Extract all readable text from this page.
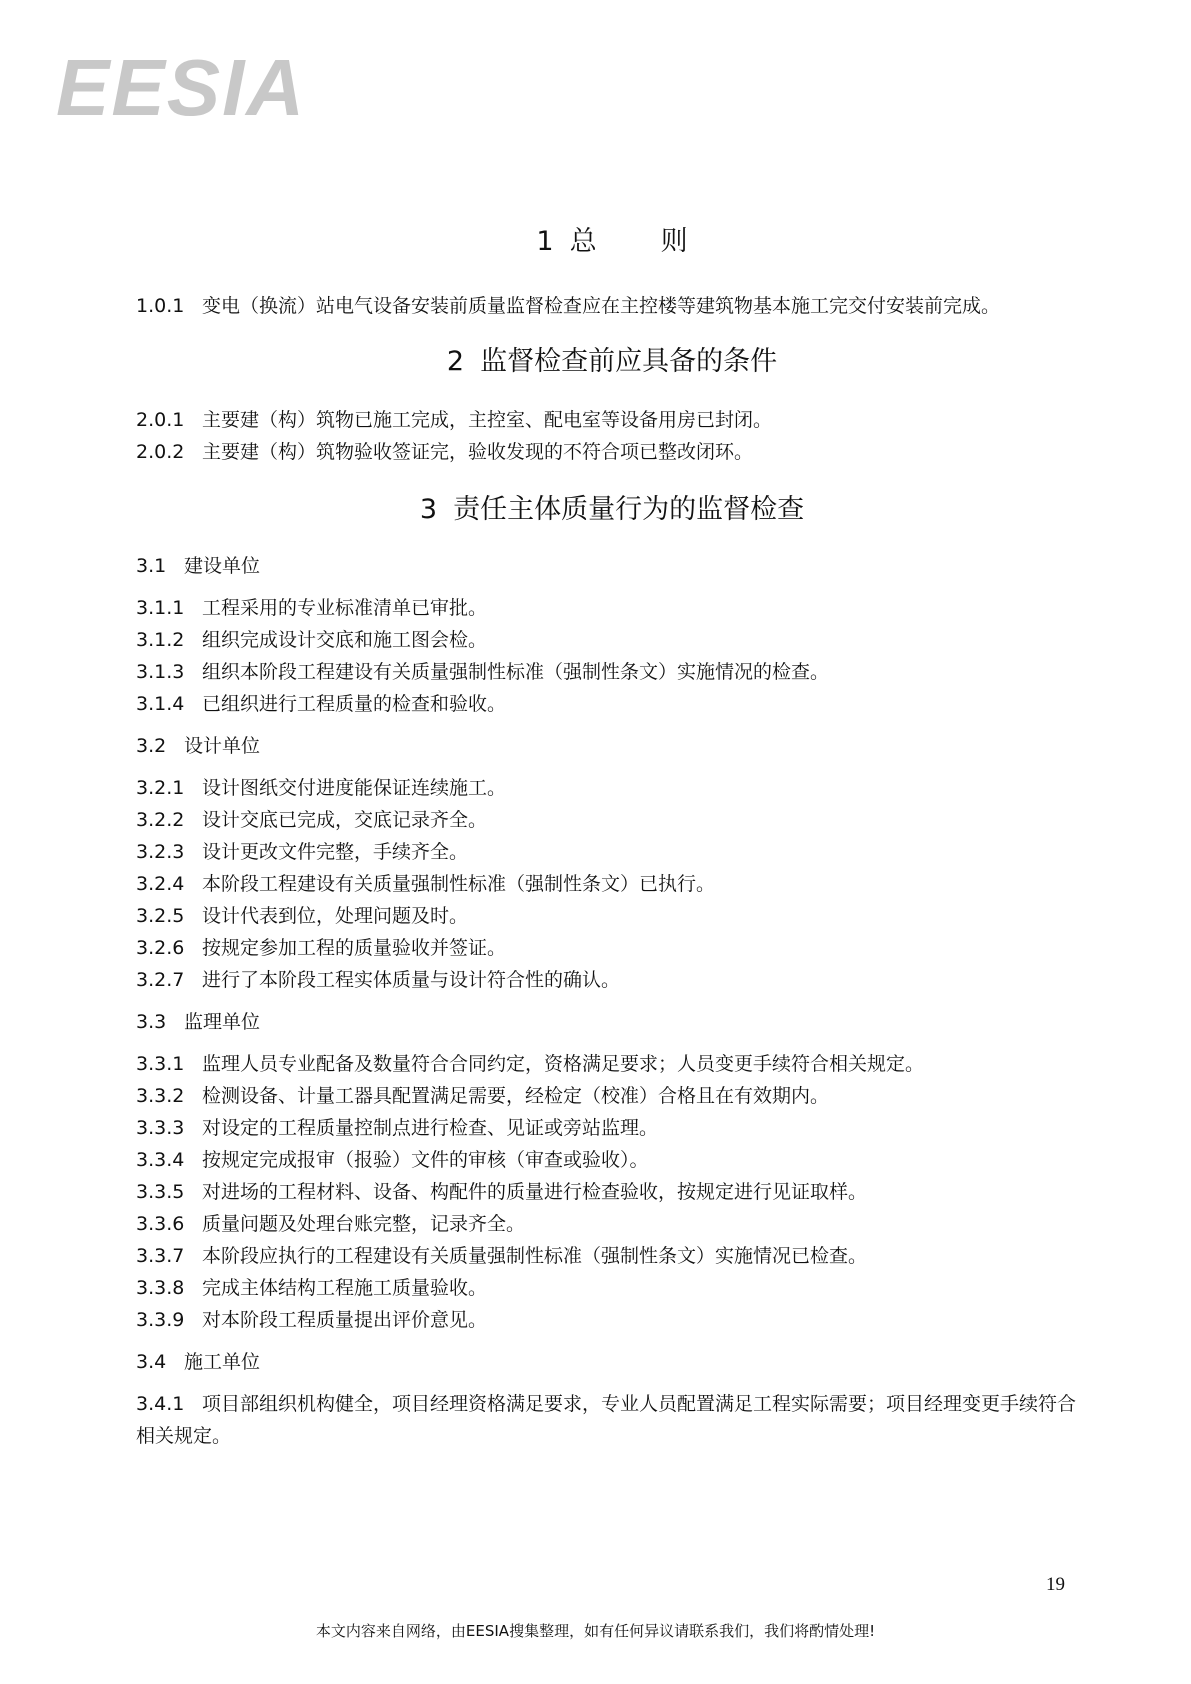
EESIA
1 总则
1.0.1 变电（换流）站电气设备安装前质量监督检查应在主控楼等建筑物基本施工完交付安装前完成。
2 监督检查前应具备的条件
2.0.1 主要建（构）筑物已施工完成，主控室、配电室等设备用房已封闭。
2.0.2 主要建（构）筑物验收签证完，验收发现的不符合项已整改闭环。
3 责任主体质量行为的监督检查
3.1 建设单位
3.1.1 工程采用的专业标准清单已审批。
3.1.2 组织完成设计交底和施工图会检。
3.1.3 组织本阶段工程建设有关质量强制性标准（强制性条文）实施情况的检查。
3.1.4 已组织进行工程质量的检查和验收。
3.2 设计单位
3.2.1 设计图纸交付进度能保证连续施工。
3.2.2 设计交底已完成，交底记录齐全。
3.2.3 设计更改文件完整，手续齐全。
3.2.4 本阶段工程建设有关质量强制性标准（强制性条文）已执行。
3.2.5 设计代表到位，处理问题及时。
3.2.6 按规定参加工程的质量验收并签证。
3.2.7 进行了本阶段工程实体质量与设计符合性的确认。
3.3 监理单位
3.3.1 监理人员专业配备及数量符合合同约定，资格满足要求；人员变更手续符合相关规定。
3.3.2 检测设备、计量工器具配置满足需要，经检定（校准）合格且在有效期内。
3.3.3 对设定的工程质量控制点进行检查、见证或旁站监理。
3.3.4 按规定完成报审（报验）文件的审核（审查或验收）。
3.3.5 对进场的工程材料、设备、构配件的质量进行检查验收，按规定进行见证取样。
3.3.6 质量问题及处理台账完整，记录齐全。
3.3.7 本阶段应执行的工程建设有关质量强制性标准（强制性条文）实施情况已检查。
3.3.8 完成主体结构工程施工质量验收。
3.3.9 对本阶段工程质量提出评价意见。
3.4 施工单位
3.4.1 项目部组织机构健全，项目经理资格满足要求，专业人员配置满足工程实际需要；项目经理变更手续符合相关规定。
19
本文内容来自网络，由EESIA搜集整理，如有任何异议请联系我们，我们将酌情处理!
